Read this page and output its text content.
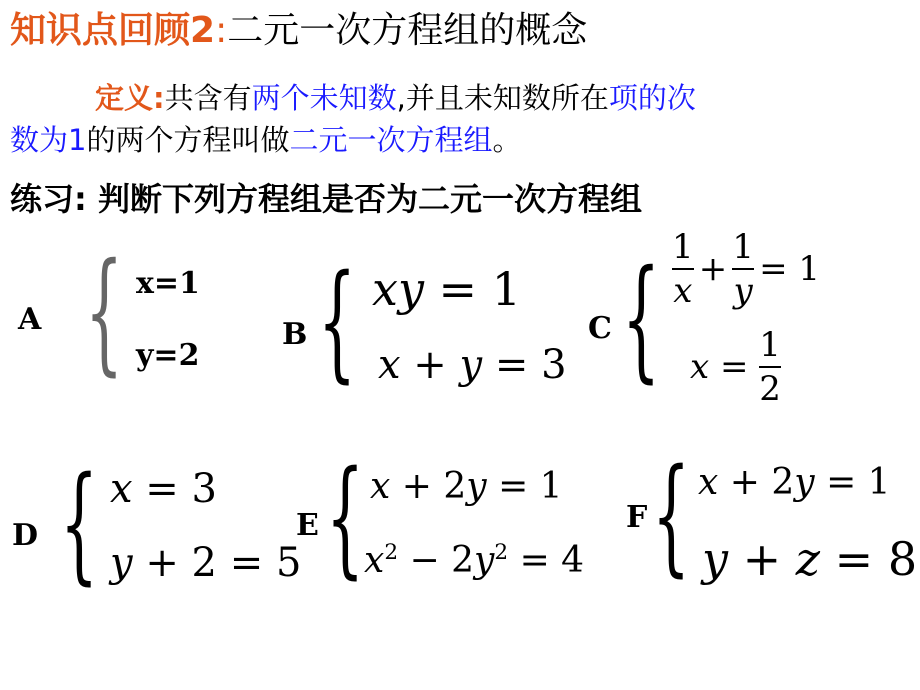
知识点回顾2:二元一次方程组的概念
定义:共含有两个未知数,并且未知数所在项的次
数为1的两个方程叫做二元一次方程组。
练习: 判断下列方程组是否为二元一次方程组
A { x=1
y=2
B { xy = 1
x + y = 3
C { $\frac{1}{x} + \frac{1}{y} = 1$
$x = \frac{1}{2}$
D { x = 3
y + 2 = 5
E { x + 2y = 1
$x^2 - 2y^2 = 4$
F { x + 2y = 1
y + z = 8
